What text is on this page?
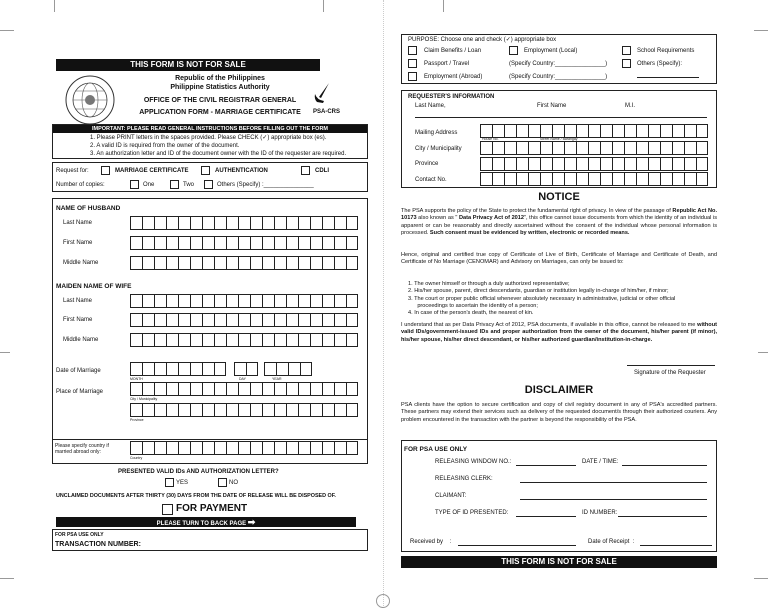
THIS FORM IS NOT FOR SALE
Republic of the Philippines
Philippine Statistics Authority
OFFICE OF THE CIVIL REGISTRAR GENERAL
APPLICATION FORM - MARRIAGE CERTIFICATE	PSA-CRS
IMPORTANT: PLEASE READ GENERAL INSTRUCTIONS BEFORE FILLING OUT THE FORM
1. Please PRINT letters in the spaces provided. Please CHECK (✓) appropriate box (es).
2. A valid ID is required from the owner of the document.
3. An authorization letter and ID of the document owner with the ID of the requester are required.
Request for:	MARRIAGE CERTIFICATE	AUTHENTICATION	CDLI
Number of copies:	One	Two	Others (Specify) :_______________
NAME OF HUSBAND
Last Name
First Name
Middle Name
MAIDEN NAME OF WIFE
Last Name
First Name
Middle Name
Date of Marriage
MONTH	DAY	YEAR
Place of Marriage
City / Municipality
Province
Please specify country if married abroad only:
Country
PRESENTED VALID IDs AND AUTHORIZATION LETTER?
YES	NO
UNCLAIMED DOCUMENTS AFTER THIRTY (30) DAYS FROM THE DATE OF RELEASE WILL BE DISPOSED OF.
FOR PAYMENT
PLEASE TURN TO BACK PAGE ➡
FOR PSA USE ONLY
TRANSACTION NUMBER:
PURPOSE: Choose one and check (✓) appropriate box
Claim Benefits / Loan	Employment (Local)	School Requirements
Passport / Travel	(Specify Country:_______________)	Others (Specify):
Employment (Abroad)	(Specify Country:_______________)
REQUESTER'S INFORMATION
Last Name,	First Name	M.I.
Mailing Address
House No.	Street Name / Barangay
City / Municipality
Province
Contact No.
NOTICE
The PSA supports the policy of the State to protect the fundamental right of privacy. In view of the passage of Republic Act No. 10173 also known as " Data Privacy Act of 2012", this office cannot issue documents from which the identity of an individual is apparent or can be reasonably and directly ascertained without the consent of the individual whose personal information is processed. Such consent must be evidenced by written, electronic or recorded means.
Hence, original and certified true copy of Certificate of Live of Birth, Certificate of Marriage and Certificate of Death, and Certificate of No Marriage (CENOMAR) and Advisory on Marriages, can only be issued to:
1. The owner himself or through a duly authorized representative;
2. His/her spouse, parent, direct descendants, guardian or institution legally in-charge of him/her, if minor;
3. The court or proper public official whenever absolutely necessary in administrative, judicial or other official
proceedings to ascertain the identity of a person;
4. In case of the person's death, the nearest of kin.
I understand that as per Data Privacy Act of 2012, PSA documents, if available in this office, cannot be released to me without valid IDs/government-issued IDs and proper authorization from the owner of the document, his/her parent (if minor), his/her spouse, his/her direct descendant, or his/her authorized guardian/institution-in-charge.
Signature of the Requester
DISCLAIMER
PSA clients have the option to secure certification and copy of civil registry document in any of PSA's accredited partners. These partners may extend their services such as delivery of the requested document/s through their authorized couriers. Any problem encountered in the transaction with the partner is beyond the responsibility of the PSA.
FOR PSA USE ONLY
RELEASING WINDOW NO.:	DATE / TIME:
RELEASING CLERK:
CLAIMANT:
TYPE OF ID PRESENTED:	ID NUMBER:
Received by    :	Date of Receipt  :
THIS FORM IS NOT FOR SALE
